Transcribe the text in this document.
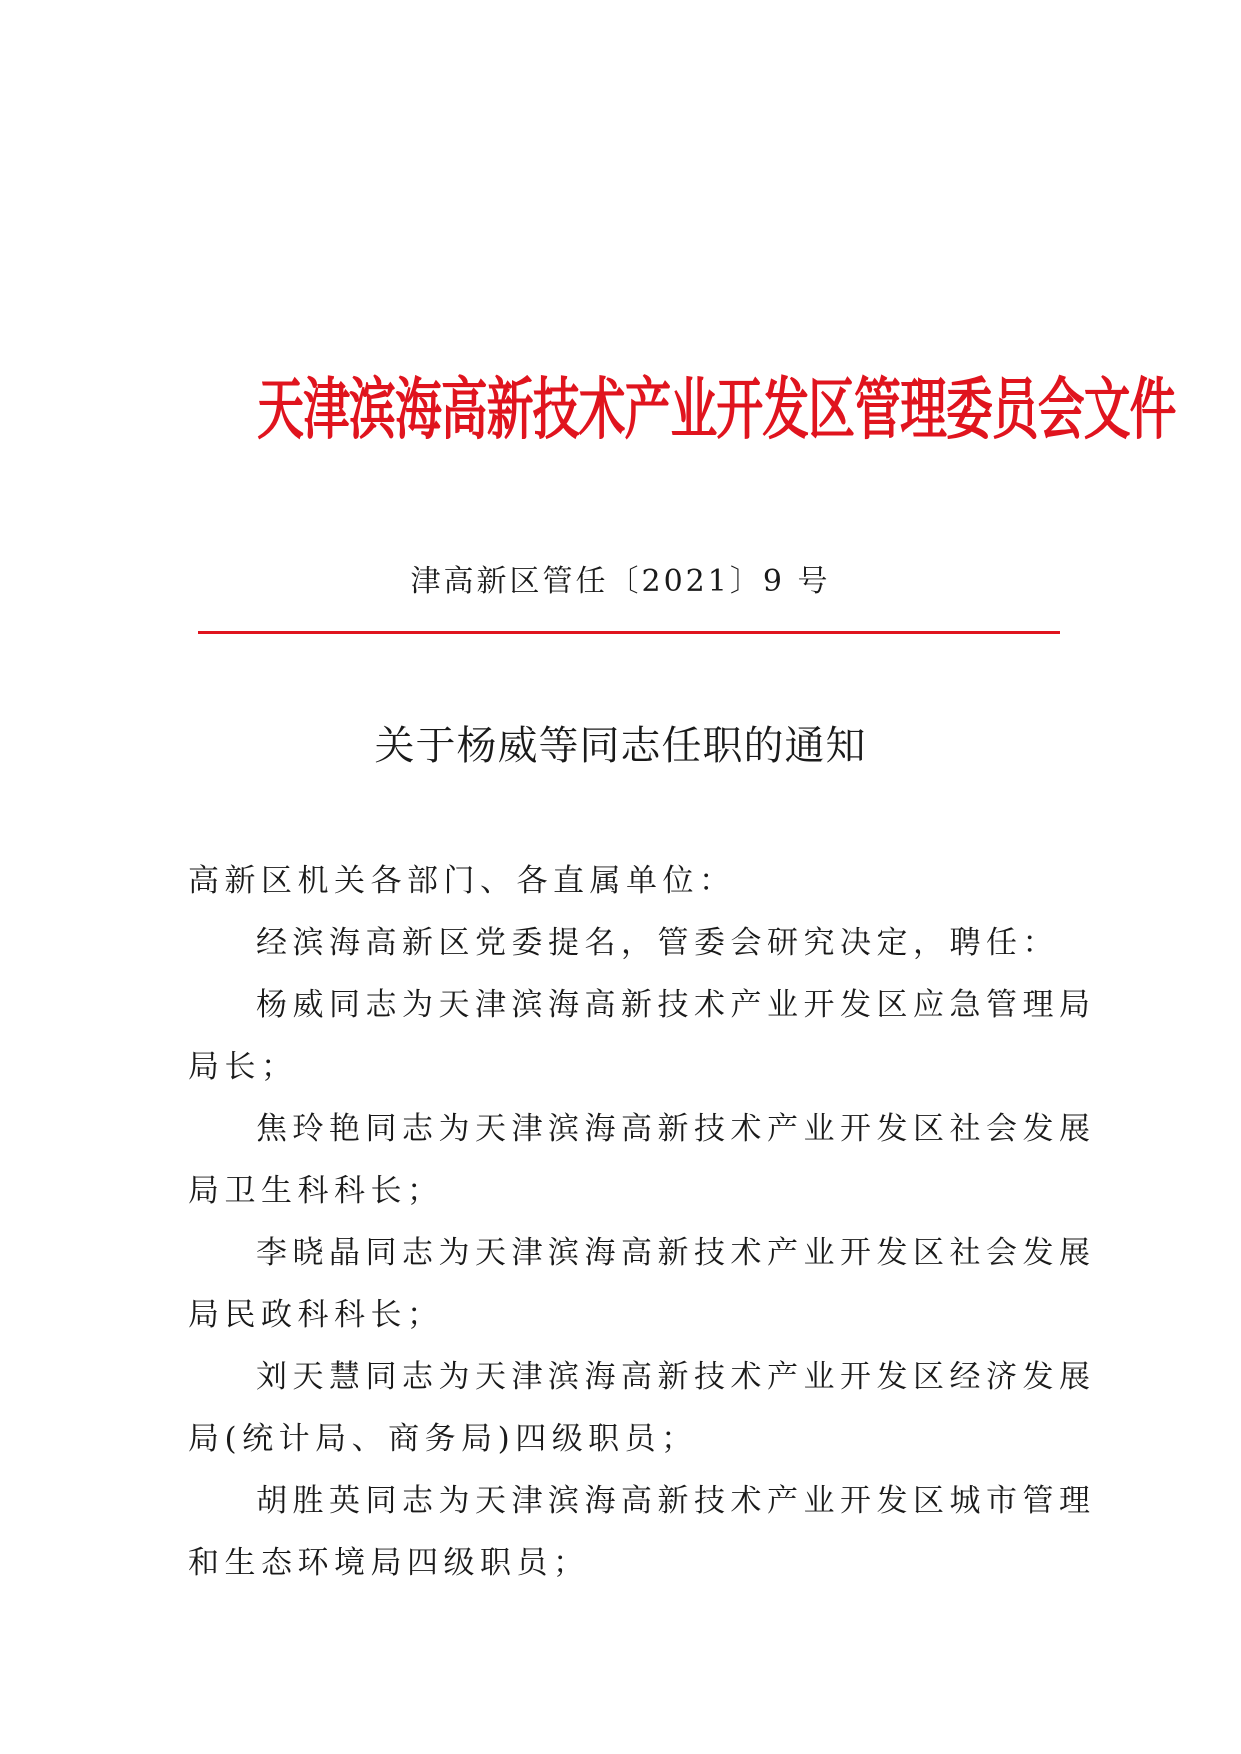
天津滨海高新技术产业开发区管理委员会文件
津高新区管任〔2021〕9 号
关于杨威等同志任职的通知

高新区机关各部门、各直属单位：

经滨海高新区党委提名，管委会研究决定，聘任：

杨威同志为天津滨海高新技术产业开发区应急管理局

局长；

焦玲艳同志为天津滨海高新技术产业开发区社会发展

局卫生科科长；

李晓晶同志为天津滨海高新技术产业开发区社会发展

局民政科科长；

刘天慧同志为天津滨海高新技术产业开发区经济发展

局(统计局、商务局)四级职员；

胡胜英同志为天津滨海高新技术产业开发区城市管理

和生态环境局四级职员；
